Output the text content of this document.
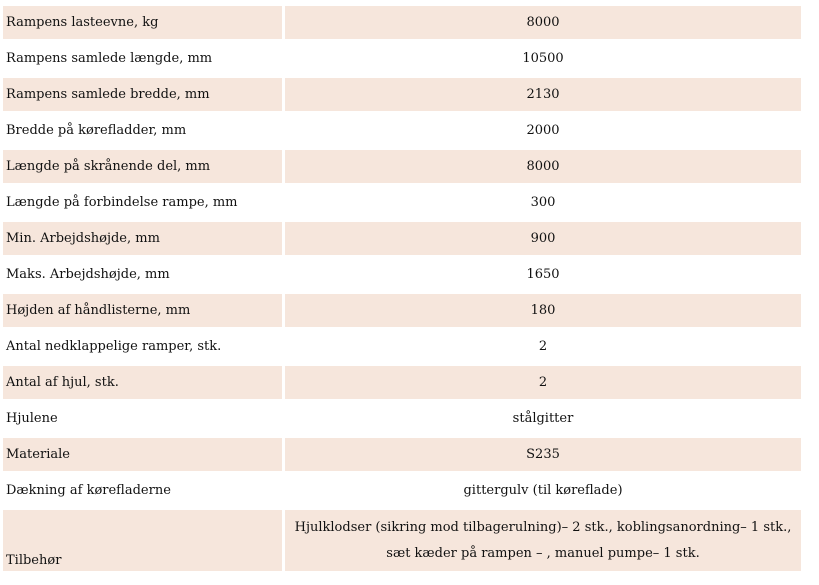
Rampens lasteevne, kg	8000
Rampens samlede længde, mm	10500
Rampens samlede bredde, mm	2130
Bredde på kørefladder, mm	2000
Længde på skrånende del, mm	8000
Længde på forbindelse rampe, mm	300
Min. Arbejdshøjde, mm	900
Maks. Arbejdshøjde, mm	1650
Højden af håndlisterne, mm	180
Antal nedklappelige ramper, stk.	2
Antal af hjul, stk.	2
Hjulene	stålgitter
Materiale	S235
Dækning af kørefladerne	gittergulv (til køreflade)
Tilbehør	Hjulklodser (sikring mod tilbagerulning)– 2 stk., koblingsanordning– 1 stk., sæt kæder på rampen – , manuel pumpe– 1 stk.
